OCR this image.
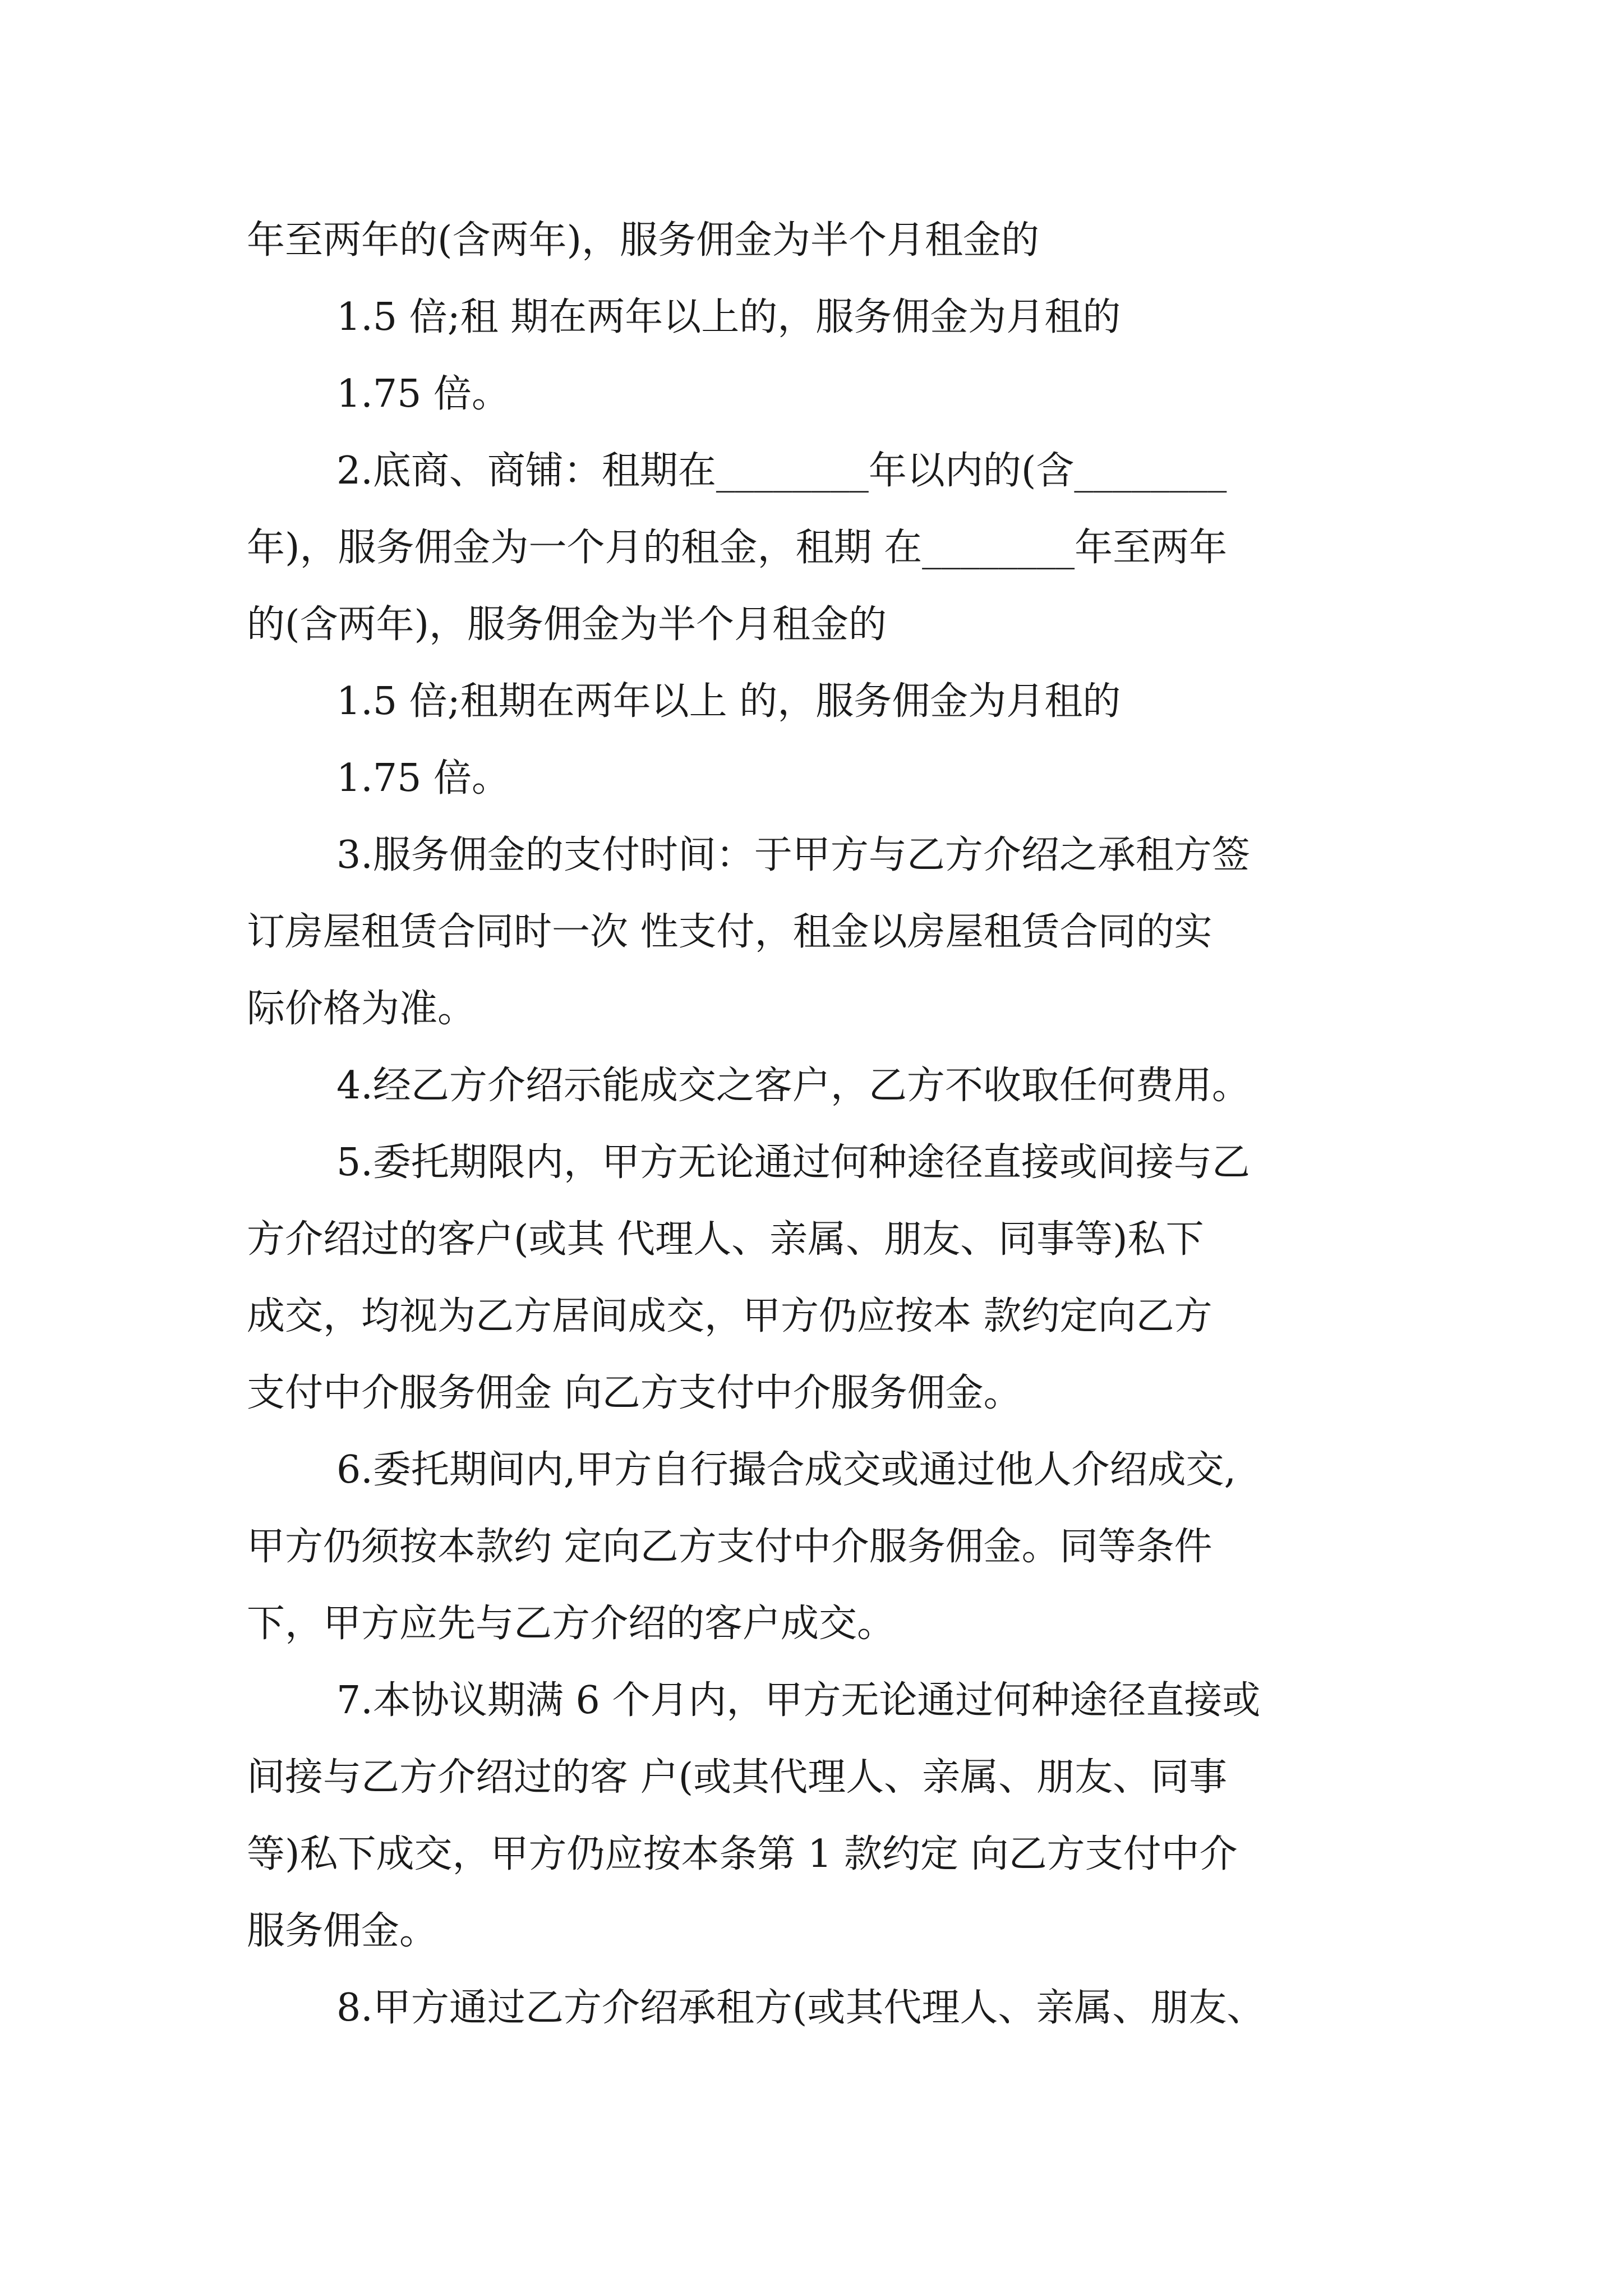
年至两年的(含两年)，服务佣金为半个月租金的
1.5 倍;租 期在两年以上的，服务佣金为月租的
1.75 倍。
2.底商、商铺：租期在________年以内的(含________
年)，服务佣金为一个月的租金，租期 在________年至两年
的(含两年)，服务佣金为半个月租金的
1.5 倍;租期在两年以上 的，服务佣金为月租的
1.75 倍。
3.服务佣金的支付时间：于甲方与乙方介绍之承租方签
订房屋租赁合同时一次 性支付，租金以房屋租赁合同的实
际价格为准。
4.经乙方介绍示能成交之客户，乙方不收取任何费用。
5.委托期限内，甲方无论通过何种途径直接或间接与乙
方介绍过的客户(或其 代理人、亲属、朋友、同事等)私下
成交，均视为乙方居间成交，甲方仍应按本 款约定向乙方
支付中介服务佣金 向乙方支付中介服务佣金。
6.委托期间内,甲方自行撮合成交或通过他人介绍成交,
甲方仍须按本款约 定向乙方支付中介服务佣金。同等条件
下，甲方应先与乙方介绍的客户成交。
7.本协议期满 6 个月内，甲方无论通过何种途径直接或
间接与乙方介绍过的客 户(或其代理人、亲属、朋友、同事
等)私下成交，甲方仍应按本条第 1 款约定 向乙方支付中介
服务佣金。
8.甲方通过乙方介绍承租方(或其代理人、亲属、朋友、
